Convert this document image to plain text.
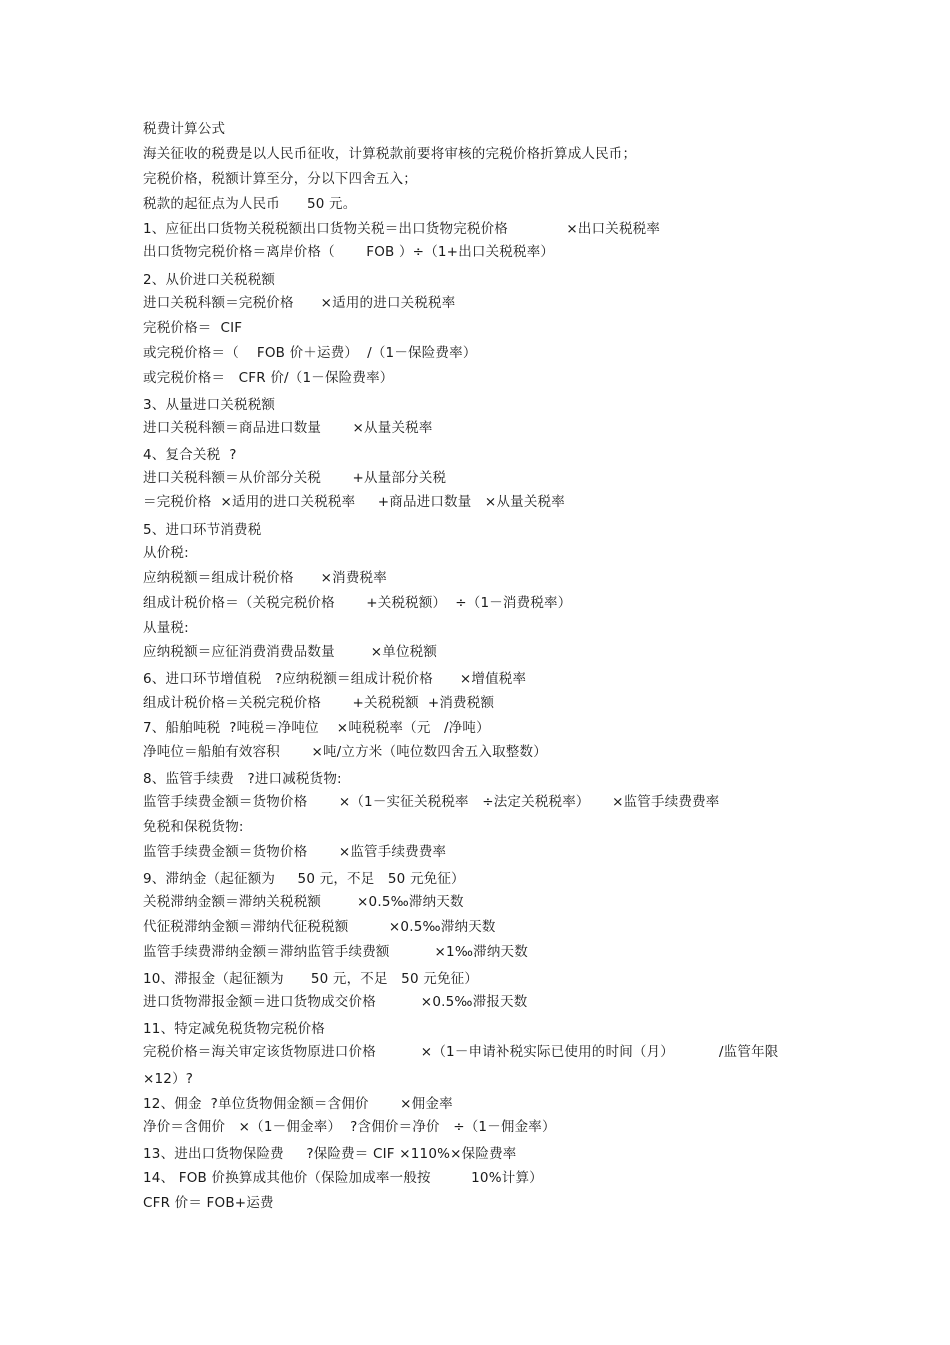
税费计算公式
海关征收的税费是以人民币征收，计算税款前要将审核的完税价格折算成人民币；
完税价格，税额计算至分，分以下四舍五入；
税款的起征点为人民币      50 元。
1、应征出口货物关税税额出口货物关税＝出口货物完税价格             ×出口关税税率
出口货物完税价格＝离岸价格（       FOB ）÷（1+出口关税税率）
2、从价进口关税税额
进口关税科额＝完税价格      ×适用的进口关税税率
完税价格＝  CIF
或完税价格＝（    FOB 价＋运费）  /（1－保险费率）
或完税价格＝   CFR 价/（1－保险费率）
3、从量进口关税税额
进口关税科额＝商品进口数量       ×从量关税率
4、复合关税  ?
进口关税科额＝从价部分关税       +从量部分关税
＝完税价格  ×适用的进口关税税率     +商品进口数量   ×从量关税率
5、进口环节消费税
从价税:
应纳税额＝组成计税价格      ×消费税率
组成计税价格＝（关税完税价格       +关税税额）  ÷（1－消费税率）
从量税:
应纳税额＝应征消费消费品数量        ×单位税额
6、进口环节增值税   ?应纳税额＝组成计税价格      ×增值税率
组成计税价格＝关税完税价格       +关税税额  +消费税额
7、船舶吨税  ?吨税＝净吨位    ×吨税税率（元   /净吨）
净吨位＝船舶有效容积       ×吨/立方米（吨位数四舍五入取整数）
8、监管手续费   ?进口减税货物:
监管手续费金额＝货物价格       ×（1－实征关税税率   ÷法定关税税率）     ×监管手续费费率
免税和保税货物:
监管手续费金额＝货物价格       ×监管手续费费率
9、滞纳金（起征额为     50 元，不足   50 元免征）
关税滞纳金额＝滞纳关税税额        ×0.5‰滞纳天数
代征税滞纳金额＝滞纳代征税税额         ×0.5‰滞纳天数
监管手续费滞纳金额＝滞纳监管手续费额          ×1‰滞纳天数
10、滞报金（起征额为      50 元，不足   50 元免征）
进口货物滞报金额＝进口货物成交价格          ×0.5‰滞报天数
11、特定减免税货物完税价格
完税价格＝海关审定该货物原进口价格          ×（1－申请补税实际已使用的时间（月）          /监管年限
×12）?
12、佣金  ?单位货物佣金额＝含佣价       ×佣金率
净价＝含佣价   ×（1－佣金率）  ?含佣价＝净价   ÷（1－佣金率）
13、进出口货物保险费     ?保险费＝ CIF ×110%×保险费率
14、 FOB 价换算成其他价（保险加成率一般按         10%计算）
CFR 价＝ FOB+运费
